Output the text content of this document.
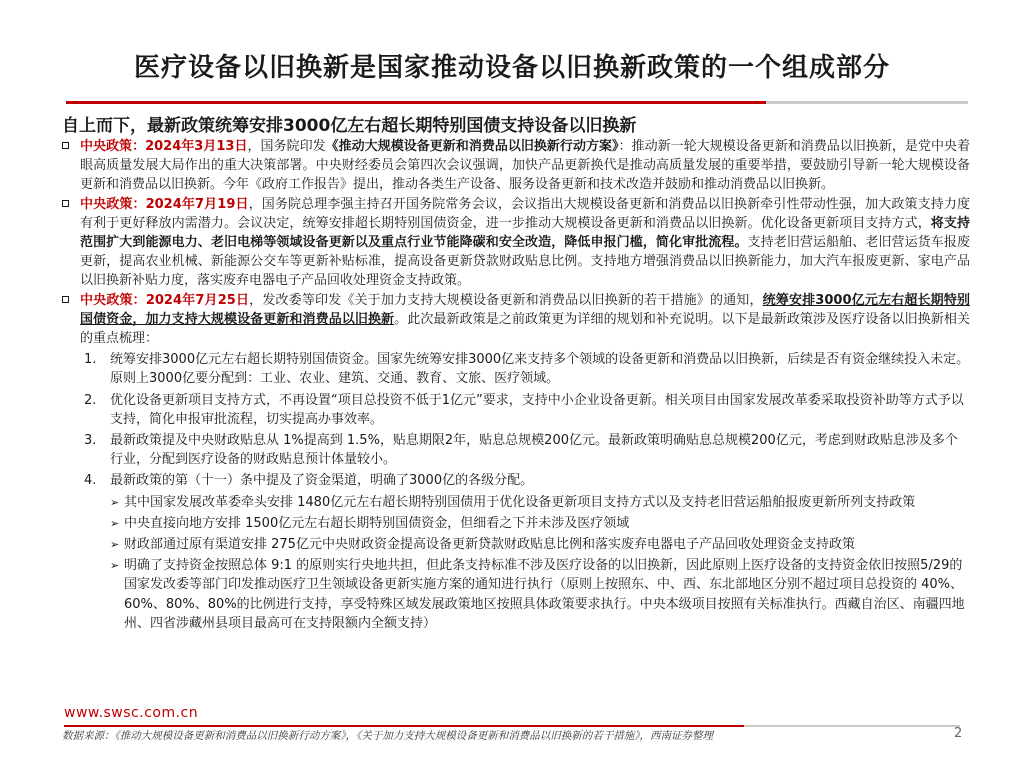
医疗设备以旧换新是国家推动设备以旧换新政策的一个组成部分
自上而下，最新政策统筹安排3000亿左右超长期特别国债支持设备以旧换新
中央政策：2024年3月13日，国务院印发《推动大规模设备更新和消费品以旧换新行动方案》：推动新一轮大规模设备更新和消费品以旧换新，是党中央着眼高质量发展大局作出的重大决策部署。中央财经委员会第四次会议强调，加快产品更新换代是推动高质量发展的重要举措，要鼓励引导新一轮大规模设备更新和消费品以旧换新。今年《政府工作报告》提出，推动各类生产设备、服务设备更新和技术改造并鼓励和推动消费品以旧换新。
中央政策：2024年7月19日，国务院总理李强主持召开国务院常务会议，会议指出大规模设备更新和消费品以旧换新牵引性带动性强，加大政策支持力度有利于更好释放内需潜力。会议决定，统筹安排超长期特别国债资金，进一步推动大规模设备更新和消费品以旧换新。优化设备更新项目支持方式，将支持范围扩大到能源电力、老旧电梯等领域设备更新以及重点行业节能降碳和安全改造，降低申报门槛，简化审批流程。支持老旧营运船舶、老旧营运货车报废更新，提高农业机械、新能源公交车等更新补贴标准，提高设备更新贷款财政贴息比例。支持地方增强消费品以旧换新能力，加大汽车报废更新、家电产品以旧换新补贴力度，落实废弃电器电子产品回收处理资金支持政策。
中央政策：2024年7月25日，发改委等印发《关于加力支持大规模设备更新和消费品以旧换新的若干措施》的通知，统筹安排3000亿元左右超长期特别国债资金，加力支持大规模设备更新和消费品以旧换新。此次最新政策是之前政策更为详细的规划和补充说明。以下是最新政策涉及医疗设备以旧换新相关的重点梳理：
1. 统筹安排3000亿元左右超长期特别国债资金。国家先统筹安排3000亿来支持多个领域的设备更新和消费品以旧换新，后续是否有资金继续投入未定。原则上3000亿要分配到：工业、农业、建筑、交通、教育、文旅、医疗领域。
2. 优化设备更新项目支持方式，不再设置“项目总投资不低于1亿元”要求，支持中小企业设备更新。相关项目由国家发展改革委采取投资补助等方式予以支持，简化申报审批流程，切实提高办事效率。
3. 最新政策提及中央财政贴息从 1%提高到 1.5%，贴息期限2年，贴息总规模200亿元。最新政策明确贴息总规模200亿元，考虑到财政贴息涉及多个行业，分配到医疗设备的财政贴息预计体量较小。
4. 最新政策的第（十一）条中提及了资金渠道，明确了3000亿的各级分配。
➢ 其中国家发展改革委牵头安排 1480亿元左右超长期特别国债用于优化设备更新项目支持方式以及支持老旧营运船舶报废更新所列支持政策
➢ 中央直接向地方安排 1500亿元左右超长期特别国债资金，但细看之下并未涉及医疗领域
➢ 财政部通过原有渠道安排 275亿元中央财政资金提高设备更新贷款财政贴息比例和落实废弃电器电子产品回收处理资金支持政策
➢ 明确了支持资金按照总体 9:1 的原则实行央地共担，但此条支持标准不涉及医疗设备的以旧换新，因此原则上医疗设备的支持资金依旧按照5/29的国家发改委等部门印发推动医疗卫生领域设备更新实施方案的通知进行执行（原则上按照东、中、西、东北部地区分别不超过项目总投资的 40%、60%、80%、80%的比例进行支持，享受特殊区域发展政策地区按照具体政策要求执行。中央本级项目按照有关标准执行。西藏自治区、南疆四地州、四省涉藏州县项目最高可在支持限额内全额支持）
www.swsc.com.cn
数据来源：《推动大规模设备更新和消费品以旧换新行动方案》，《关于加力支持大规模设备更新和消费品以旧换新的若干措施》，西南证券整理	2
